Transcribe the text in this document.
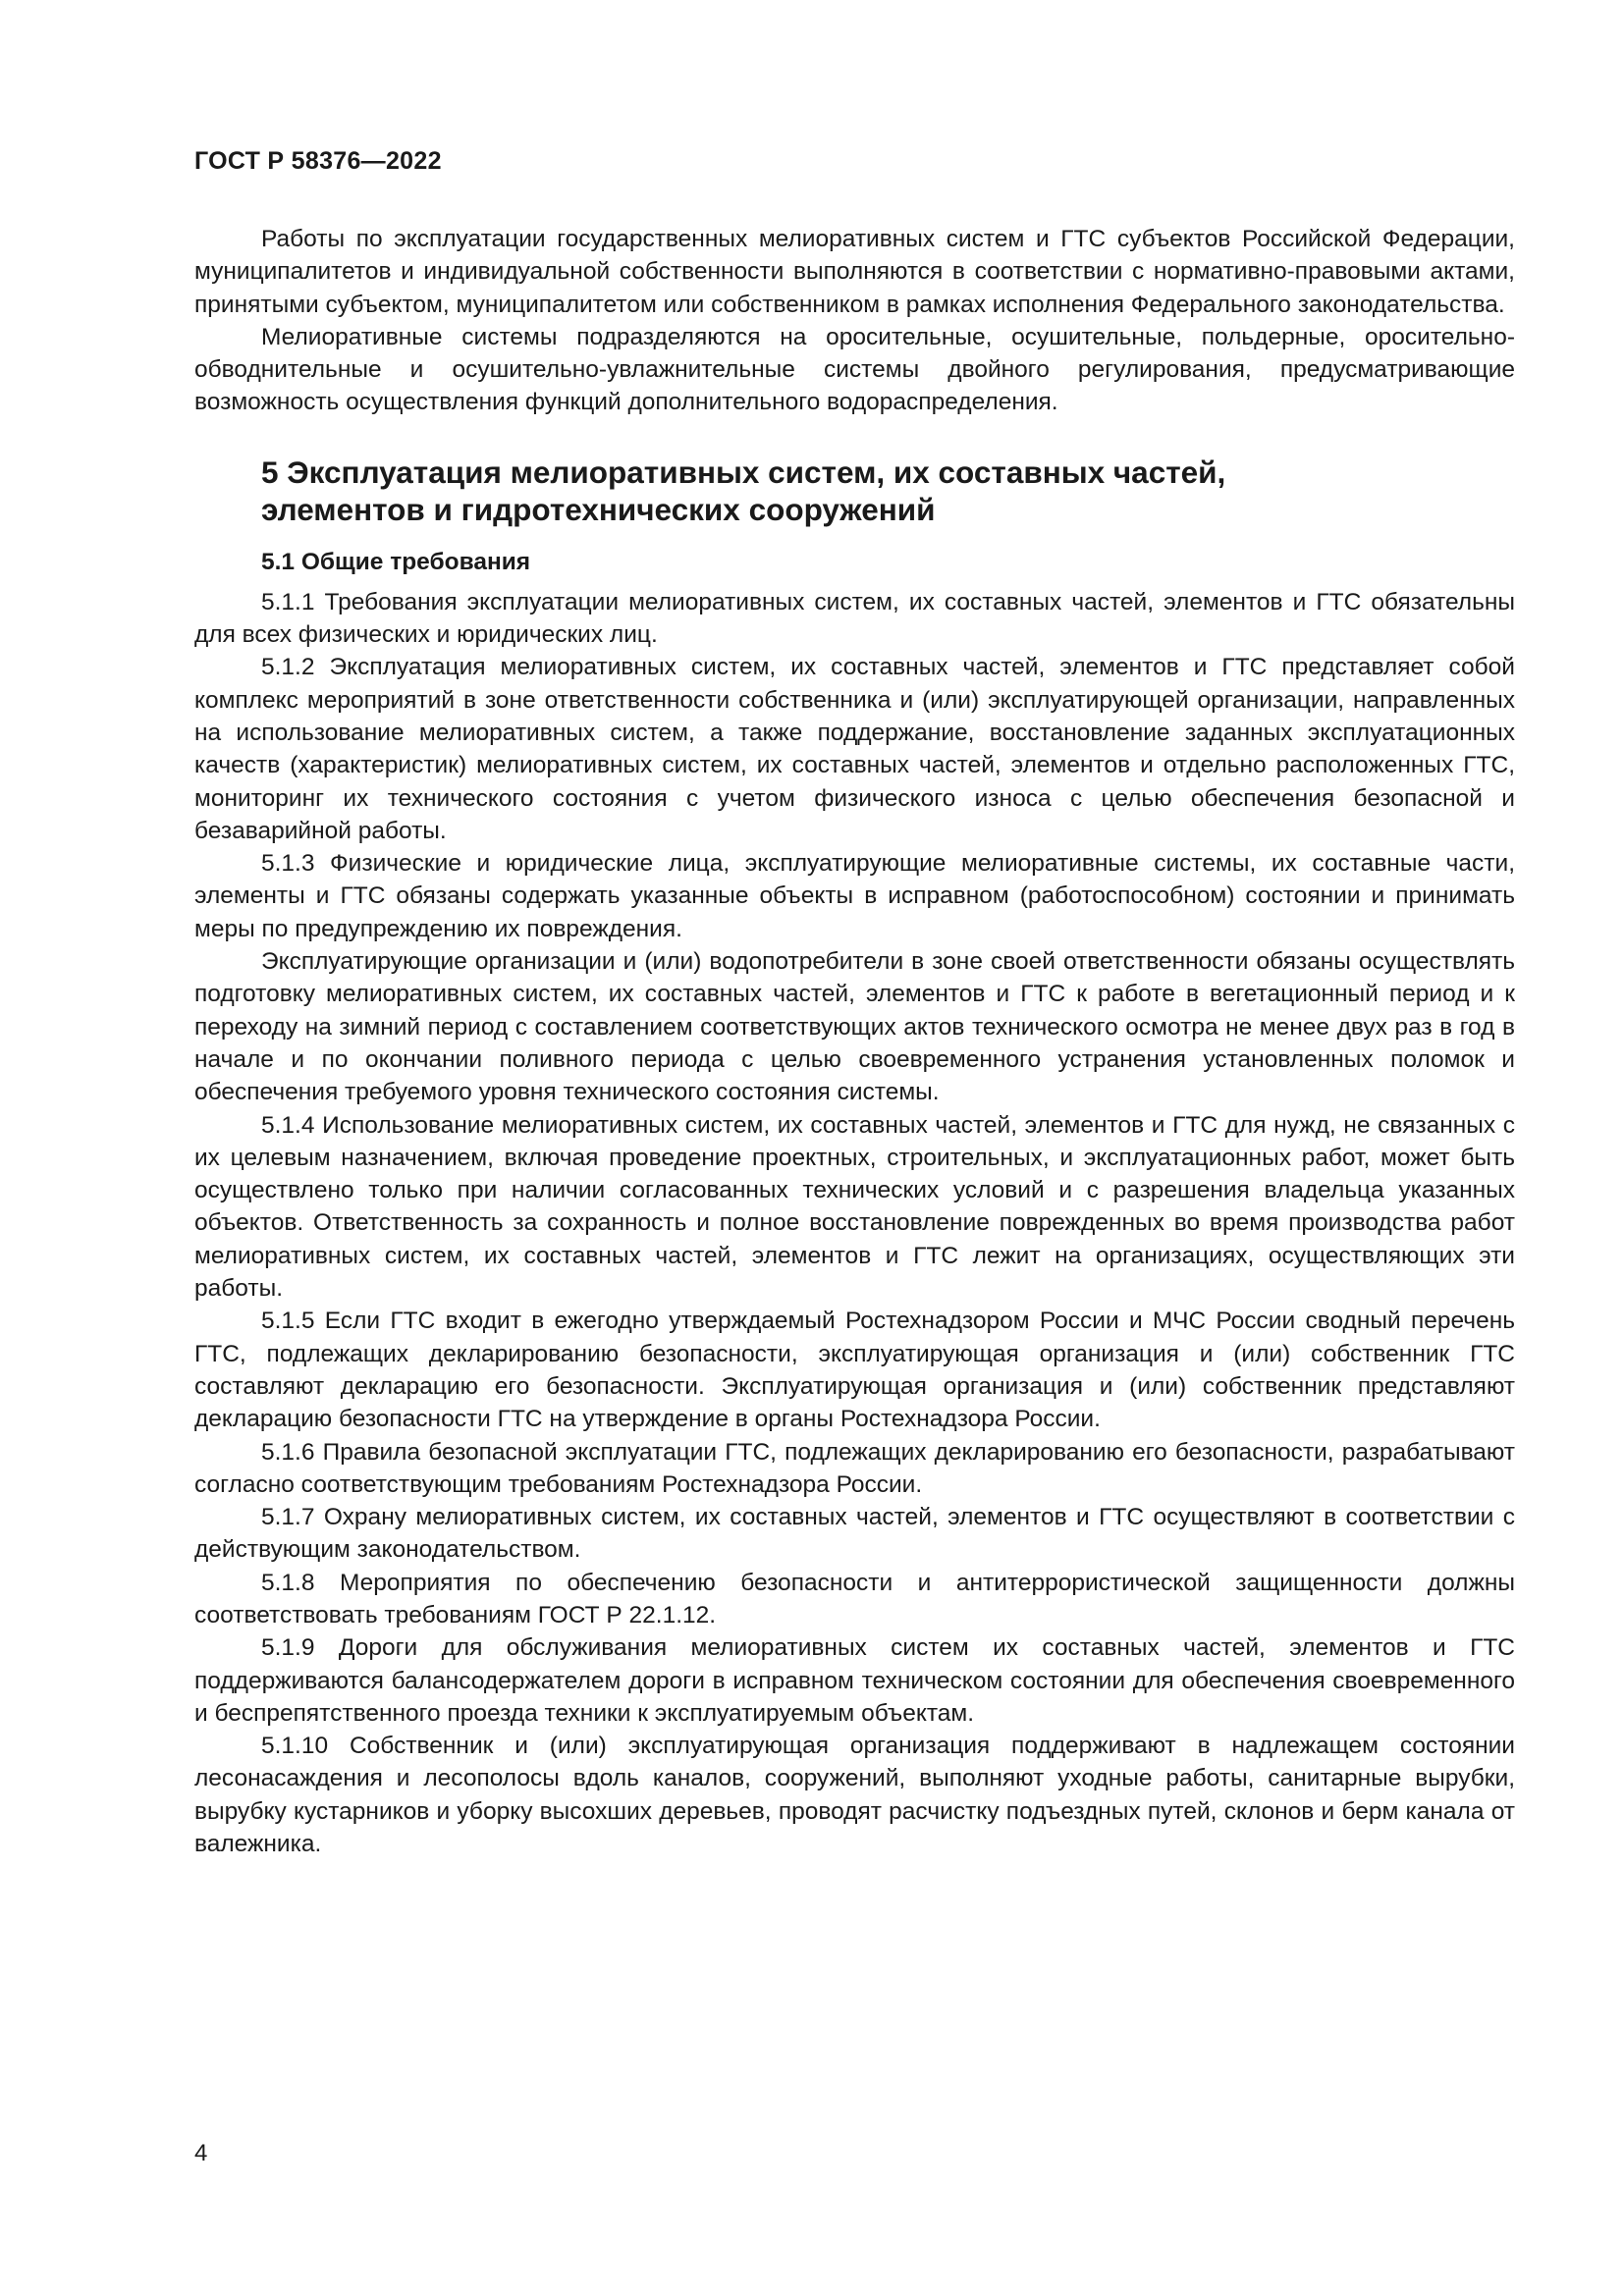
ГОСТ Р 58376—2022

Работы по эксплуатации государственных мелиоративных систем и ГТС субъектов Российской Федерации, муниципалитетов и индивидуальной собственности выполняются в соответствии с нормативно-правовыми актами, принятыми субъектом, муниципалитетом или собственником в рамках исполнения Федерального законодательства.

Мелиоративные системы подразделяются на оросительные, осушительные, польдерные, оросительно-обводнительные и осушительно-увлажнительные системы двойного регулирования, предусматривающие возможность осуществления функций дополнительного водораспределения.

5 Эксплуатация мелиоративных систем, их составных частей,
элементов и гидротехнических сооружений
5.1 Общие требования

5.1.1 Требования эксплуатации мелиоративных систем, их составных частей, элементов и ГТС обязательны для всех физических и юридических лиц.

5.1.2 Эксплуатация мелиоративных систем, их составных частей, элементов и ГТС представляет собой комплекс мероприятий в зоне ответственности собственника и (или) эксплуатирующей организации, направленных на использование мелиоративных систем, а также поддержание, восстановление заданных эксплуатационных качеств (характеристик) мелиоративных систем, их составных частей, элементов и отдельно расположенных ГТС, мониторинг их технического состояния с учетом физического износа с целью обеспечения безопасной и безаварийной работы.

5.1.3 Физические и юридические лица, эксплуатирующие мелиоративные системы, их составные части, элементы и ГТС обязаны содержать указанные объекты в исправном (работоспособном) состоянии и принимать меры по предупреждению их повреждения.

Эксплуатирующие организации и (или) водопотребители в зоне своей ответственности обязаны осуществлять подготовку мелиоративных систем, их составных частей, элементов и ГТС к работе в вегетационный период и к переходу на зимний период с составлением соответствующих актов технического осмотра не менее двух раз в год в начале и по окончании поливного периода с целью своевременного устранения установленных поломок и обеспечения требуемого уровня технического состояния системы.

5.1.4 Использование мелиоративных систем, их составных частей, элементов и ГТС для нужд, не связанных с их целевым назначением, включая проведение проектных, строительных, и эксплуатационных работ, может быть осуществлено только при наличии согласованных технических условий и с разрешения владельца указанных объектов. Ответственность за сохранность и полное восстановление поврежденных во время производства работ мелиоративных систем, их составных частей, элементов и ГТС лежит на организациях, осуществляющих эти работы.

5.1.5 Если ГТС входит в ежегодно утверждаемый Ростехнадзором России и МЧС России сводный перечень ГТС, подлежащих декларированию безопасности, эксплуатирующая организация и (или) собственник ГТС составляют декларацию его безопасности. Эксплуатирующая организация и (или) собственник представляют декларацию безопасности ГТС на утверждение в органы Ростехнадзора России.

5.1.6 Правила безопасной эксплуатации ГТС, подлежащих декларированию его безопасности, разрабатывают согласно соответствующим требованиям Ростехнадзора России.

5.1.7 Охрану мелиоративных систем, их составных частей, элементов и ГТС осуществляют в соответствии с действующим законодательством.

5.1.8 Мероприятия по обеспечению безопасности и антитеррористической защищенности должны соответствовать требованиям ГОСТ Р 22.1.12.

5.1.9 Дороги для обслуживания мелиоративных систем их составных частей, элементов и ГТС поддерживаются балансодержателем дороги в исправном техническом состоянии для обеспечения своевременного и беспрепятственного проезда техники к эксплуатируемым объектам.

5.1.10 Собственник и (или) эксплуатирующая организация поддерживают в надлежащем состоянии лесонасаждения и лесополосы вдоль каналов, сооружений, выполняют уходные работы, санитарные вырубки, вырубку кустарников и уборку высохших деревьев, проводят расчистку подъездных путей, склонов и берм канала от валежника.

4
